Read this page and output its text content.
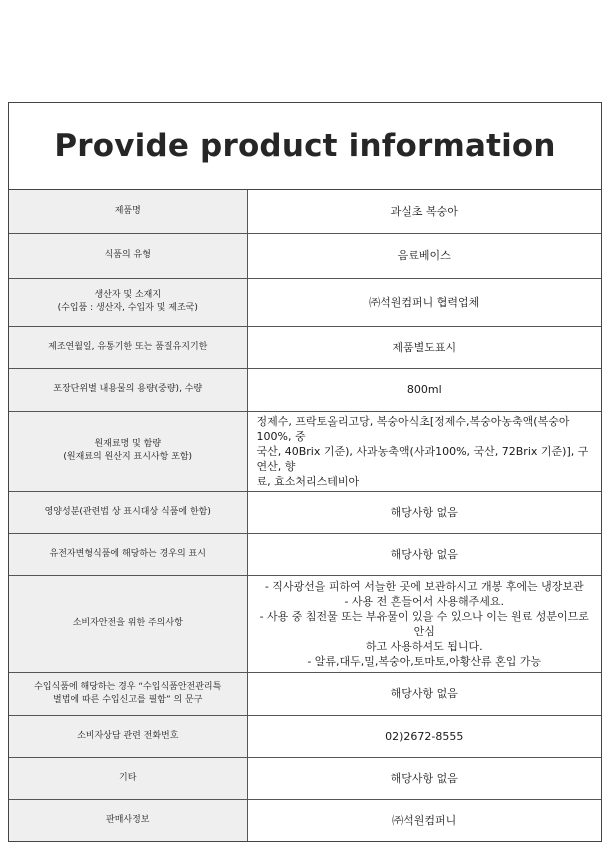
Provide product information
제품명	과실초 복숭아

식품의 유형	음료베이스

생산자 및 소재지
(수입품 : 생산자, 수입자 및 제조국)	㈜석원컴퍼니 협력업체

제조연월일, 유통기한 또는 품질유지기한	제품별도표시

포장단위별 내용물의 용량(중량), 수량	800ml

원재료명 및 함량
(원재료의 원산지 표시사항 포함)	정제수, 프락토올리고당, 복숭아식초[정제수,복숭아농축액(복숭아100%, 중
국산, 40Brix 기준), 사과농축액(사과100%, 국산, 72Brix 기준)], 구연산, 향
료, 효소처리스테비아

영양성분(관련법 상 표시대상 식품에 한함)	해당사항 없음

유전자변형식품에 해당하는 경우의 표시	해당사항 없음

소비자안전을 위한 주의사항	- 직사광선을 피하여 서늘한 곳에 보관하시고 개봉 후에는 냉장보관
- 사용 전 흔들어서 사용해주세요.
- 사용 중 침전물 또는 부유물이 있을 수 있으나 이는 원료 성분이므로 안심
하고 사용하셔도 됩니다.
- 알류,대두,밀,복숭아,토마토,아황산류 혼입 가능

수입식품에 해당하는 경우 “수입식품안전관리특
별법에 따른 수입신고를 필함” 의 문구	해당사항 없음

소비자상담 관련 전화번호	02)2672-8555

기타	해당사항 없음

판매사정보	㈜석원컴퍼니
